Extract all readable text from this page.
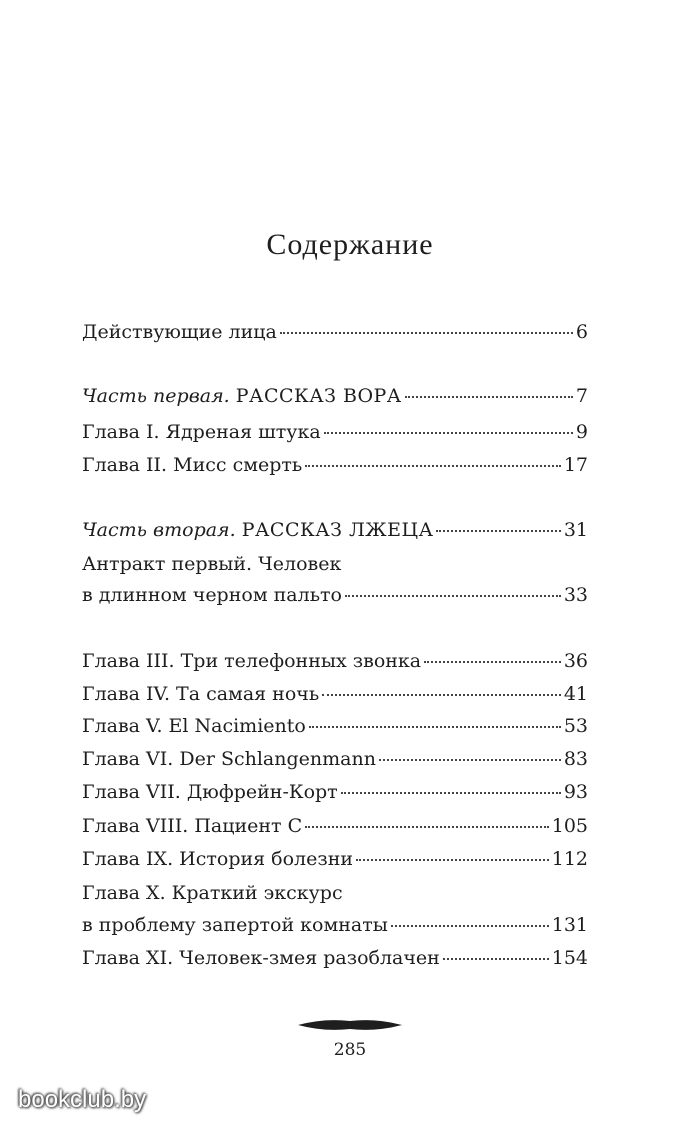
Содержание
Действующие лица	6
Часть первая. РАССКАЗ ВОРА	7
Глава I. Ядреная штука	9
Глава II. Мисс смерть	17
Часть вторая. РАССКАЗ ЛЖЕЦА	31
Антракт первый. Человек
в длинном черном пальто	33
Глава III. Три телефонных звонка	36
Глава IV. Та самая ночь	41
Глава V. El Nacimiento	53
Глава VI. Der Schlangenmann	83
Глава VII. Дюфрейн-Корт	93
Глава VIII. Пациент С	105
Глава IX. История болезни	112
Глава X. Краткий экскурс
в проблему запертой комнаты	131
Глава XI. Человек-змея разоблачен	154
285
bookclub.by
